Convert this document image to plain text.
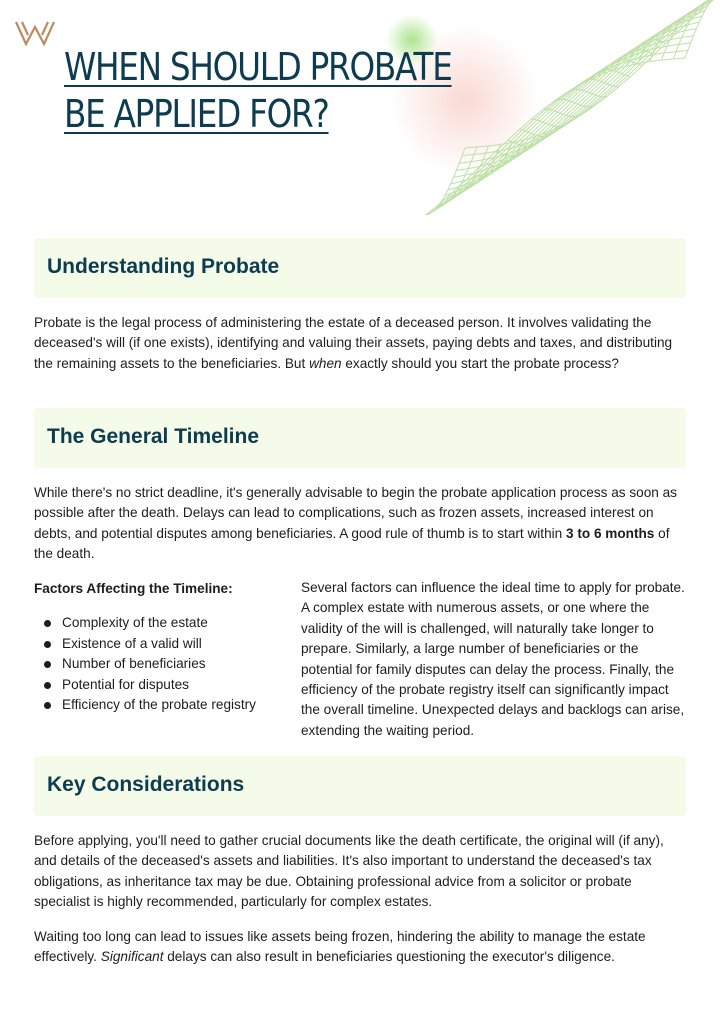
WHEN SHOULD PROBATE
BE APPLIED FOR?
Understanding Probate

Probate is the legal process of administering the estate of a deceased person. It involves validating the deceased's will (if one exists), identifying and valuing their assets, paying debts and taxes, and distributing the remaining assets to the beneficiaries. But when exactly should you start the probate process?

The General Timeline

While there's no strict deadline, it's generally advisable to begin the probate application process as soon as possible after the death. Delays can lead to complications, such as frozen assets, increased interest on debts, and potential disputes among beneficiaries. A good rule of thumb is to start within 3 to 6 months of the death.

Factors Affecting the Timeline:

Complexity of the estate
Existence of a valid will
Number of beneficiaries
Potential for disputes
Efficiency of the probate registry

Several factors can influence the ideal time to apply for probate. A complex estate with numerous assets, or one where the validity of the will is challenged, will naturally take longer to prepare. Similarly, a large number of beneficiaries or the potential for family disputes can delay the process. Finally, the efficiency of the probate registry itself can significantly impact the overall timeline. Unexpected delays and backlogs can arise, extending the waiting period.

Key Considerations

Before applying, you'll need to gather crucial documents like the death certificate, the original will (if any), and details of the deceased's assets and liabilities. It's also important to understand the deceased's tax obligations, as inheritance tax may be due. Obtaining professional advice from a solicitor or probate specialist is highly recommended, particularly for complex estates.

Waiting too long can lead to issues like assets being frozen, hindering the ability to manage the estate effectively. Significant delays can also result in beneficiaries questioning the executor's diligence.
